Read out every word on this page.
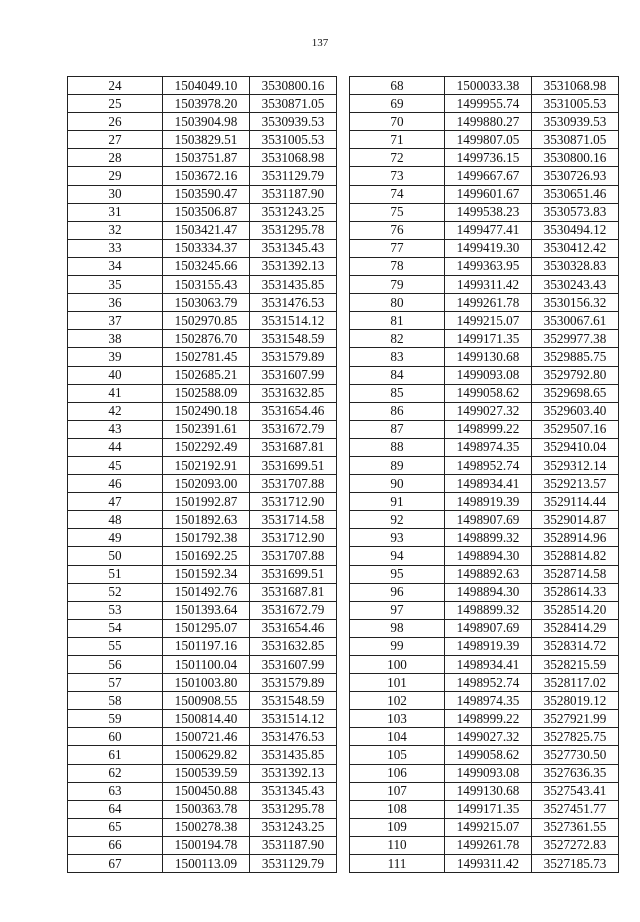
137
24	1504049.10	3530800.16
25	1503978.20	3530871.05
26	1503904.98	3530939.53
27	1503829.51	3531005.53
28	1503751.87	3531068.98
29	1503672.16	3531129.79
30	1503590.47	3531187.90
31	1503506.87	3531243.25
32	1503421.47	3531295.78
33	1503334.37	3531345.43
34	1503245.66	3531392.13
35	1503155.43	3531435.85
36	1503063.79	3531476.53
37	1502970.85	3531514.12
38	1502876.70	3531548.59
39	1502781.45	3531579.89
40	1502685.21	3531607.99
41	1502588.09	3531632.85
42	1502490.18	3531654.46
43	1502391.61	3531672.79
44	1502292.49	3531687.81
45	1502192.91	3531699.51
46	1502093.00	3531707.88
47	1501992.87	3531712.90
48	1501892.63	3531714.58
49	1501792.38	3531712.90
50	1501692.25	3531707.88
51	1501592.34	3531699.51
52	1501492.76	3531687.81
53	1501393.64	3531672.79
54	1501295.07	3531654.46
55	1501197.16	3531632.85
56	1501100.04	3531607.99
57	1501003.80	3531579.89
58	1500908.55	3531548.59
59	1500814.40	3531514.12
60	1500721.46	3531476.53
61	1500629.82	3531435.85
62	1500539.59	3531392.13
63	1500450.88	3531345.43
64	1500363.78	3531295.78
65	1500278.38	3531243.25
66	1500194.78	3531187.90
67	1500113.09	3531129.79
68	1500033.38	3531068.98
69	1499955.74	3531005.53
70	1499880.27	3530939.53
71	1499807.05	3530871.05
72	1499736.15	3530800.16
73	1499667.67	3530726.93
74	1499601.67	3530651.46
75	1499538.23	3530573.83
76	1499477.41	3530494.12
77	1499419.30	3530412.42
78	1499363.95	3530328.83
79	1499311.42	3530243.43
80	1499261.78	3530156.32
81	1499215.07	3530067.61
82	1499171.35	3529977.38
83	1499130.68	3529885.75
84	1499093.08	3529792.80
85	1499058.62	3529698.65
86	1499027.32	3529603.40
87	1498999.22	3529507.16
88	1498974.35	3529410.04
89	1498952.74	3529312.14
90	1498934.41	3529213.57
91	1498919.39	3529114.44
92	1498907.69	3529014.87
93	1498899.32	3528914.96
94	1498894.30	3528814.82
95	1498892.63	3528714.58
96	1498894.30	3528614.33
97	1498899.32	3528514.20
98	1498907.69	3528414.29
99	1498919.39	3528314.72
100	1498934.41	3528215.59
101	1498952.74	3528117.02
102	1498974.35	3528019.12
103	1498999.22	3527921.99
104	1499027.32	3527825.75
105	1499058.62	3527730.50
106	1499093.08	3527636.35
107	1499130.68	3527543.41
108	1499171.35	3527451.77
109	1499215.07	3527361.55
110	1499261.78	3527272.83
111	1499311.42	3527185.73
